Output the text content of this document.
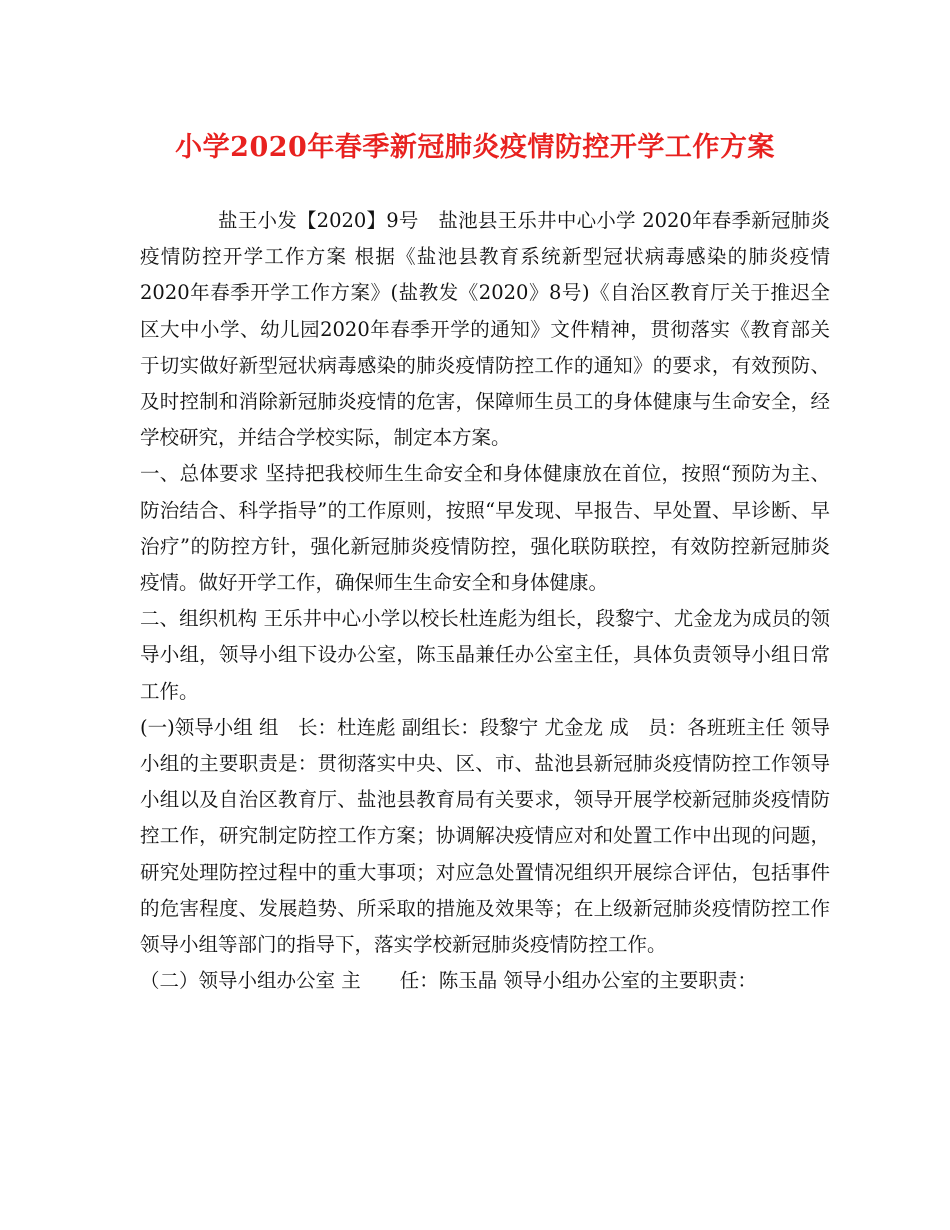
小学2020年春季新冠肺炎疫情防控开学工作方案

盐王小发【2020】9号　盐池县王乐井中心小学 2020年春季新冠肺炎疫情防控开学工作方案 根据《盐池县教育系统新型冠状病毒感染的肺炎疫情2020年春季开学工作方案》(盐教发《2020》8号)《自治区教育厅关于推迟全区大中小学、幼儿园2020年春季开学的通知》文件精神，贯彻落实《教育部关于切实做好新型冠状病毒感染的肺炎疫情防控工作的通知》的要求，有效预防、及时控制和消除新冠肺炎疫情的危害，保障师生员工的身体健康与生命安全，经学校研究，并结合学校实际，制定本方案。

一、总体要求 坚持把我校师生生命安全和身体健康放在首位，按照“预防为主、防治结合、科学指导”的工作原则，按照“早发现、早报告、早处置、早诊断、早治疗”的防控方针，强化新冠肺炎疫情防控，强化联防联控，有效防控新冠肺炎疫情。做好开学工作，确保师生生命安全和身体健康。

二、组织机构 王乐井中心小学以校长杜连彪为组长，段黎宁、尤金龙为成员的领导小组，领导小组下设办公室，陈玉晶兼任办公室主任，具体负责领导小组日常工作。

(一)领导小组 组　长：杜连彪 副组长：段黎宁 尤金龙 成　员：各班班主任 领导小组的主要职责是：贯彻落实中央、区、市、盐池县新冠肺炎疫情防控工作领导小组以及自治区教育厅、盐池县教育局有关要求，领导开展学校新冠肺炎疫情防控工作，研究制定防控工作方案；协调解决疫情应对和处置工作中出现的问题，研究处理防控过程中的重大事项；对应急处置情况组织开展综合评估，包括事件的危害程度、发展趋势、所采取的措施及效果等；在上级新冠肺炎疫情防控工作领导小组等部门的指导下，落实学校新冠肺炎疫情防控工作。

（二）领导小组办公室 主　　任：陈玉晶 领导小组办公室的主要职责：
